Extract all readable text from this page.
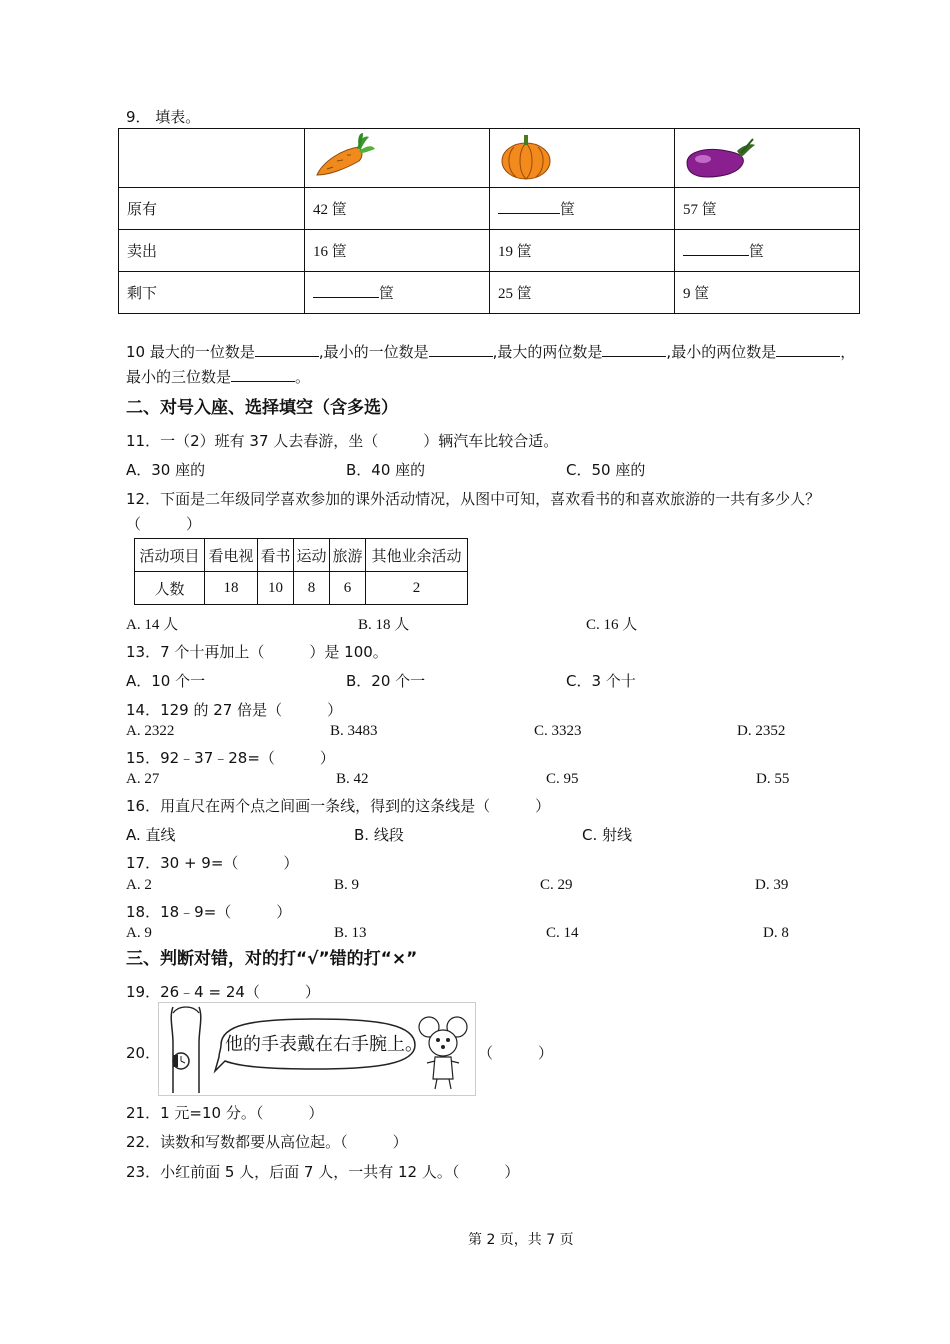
9． 填表。

原有	42 筐	筐	57 筐
卖出	16 筐	19 筐	筐
剩下	筐	25 筐	9 筐
10 最大的一位数是	,最小的一位数是	,最大的两位数是	,最小的两位数是	，
最小的三位数是	。
二、对号入座、选择填空（含多选）
11．一（2）班有 37 人去春游，坐（　　　）辆汽车比较合适。
A．30 座的	B．40 座的	C．50 座的
12．下面是二年级同学喜欢参加的课外活动情况，从图中可知，喜欢看书的和喜欢旅游的一共有多少人？
（　　　）
活动项目	看电视	看书	运动	旅游	其他业余活动
人数	18	10	8	6	2
A. 14 人	B. 18 人	C. 16 人
13．7 个十再加上（　　　）是 100。
A．10 个一	B．20 个一	C．3 个十
14．129 的 27 倍是（　　　）
A. 2322	B. 3483	C. 3323	D. 2352
15．92﹣37﹣28=（　　　）
A. 27	B. 42	C. 95	D. 55
16．用直尺在两个点之间画一条线，得到的这条线是（　　　）
A. 直线	B. 线段	C. 射线
17．30 + 9=（　　　）
A. 2	B. 9	C. 29	D. 39
18．18﹣9=（　　　）
A. 9	B. 13	C. 14	D. 8
三、判断对错，对的打“√”错的打“×”
19．26﹣4 = 24（　　　）
20．	他的手表戴在右手腕上。	（　　　）
21．1 元=10 分。（　　　）
22．读数和写数都要从高位起。（　　　）
23．小红前面 5 人，后面 7 人，一共有 12 人。（　　　）
第 2 页，共 7 页
